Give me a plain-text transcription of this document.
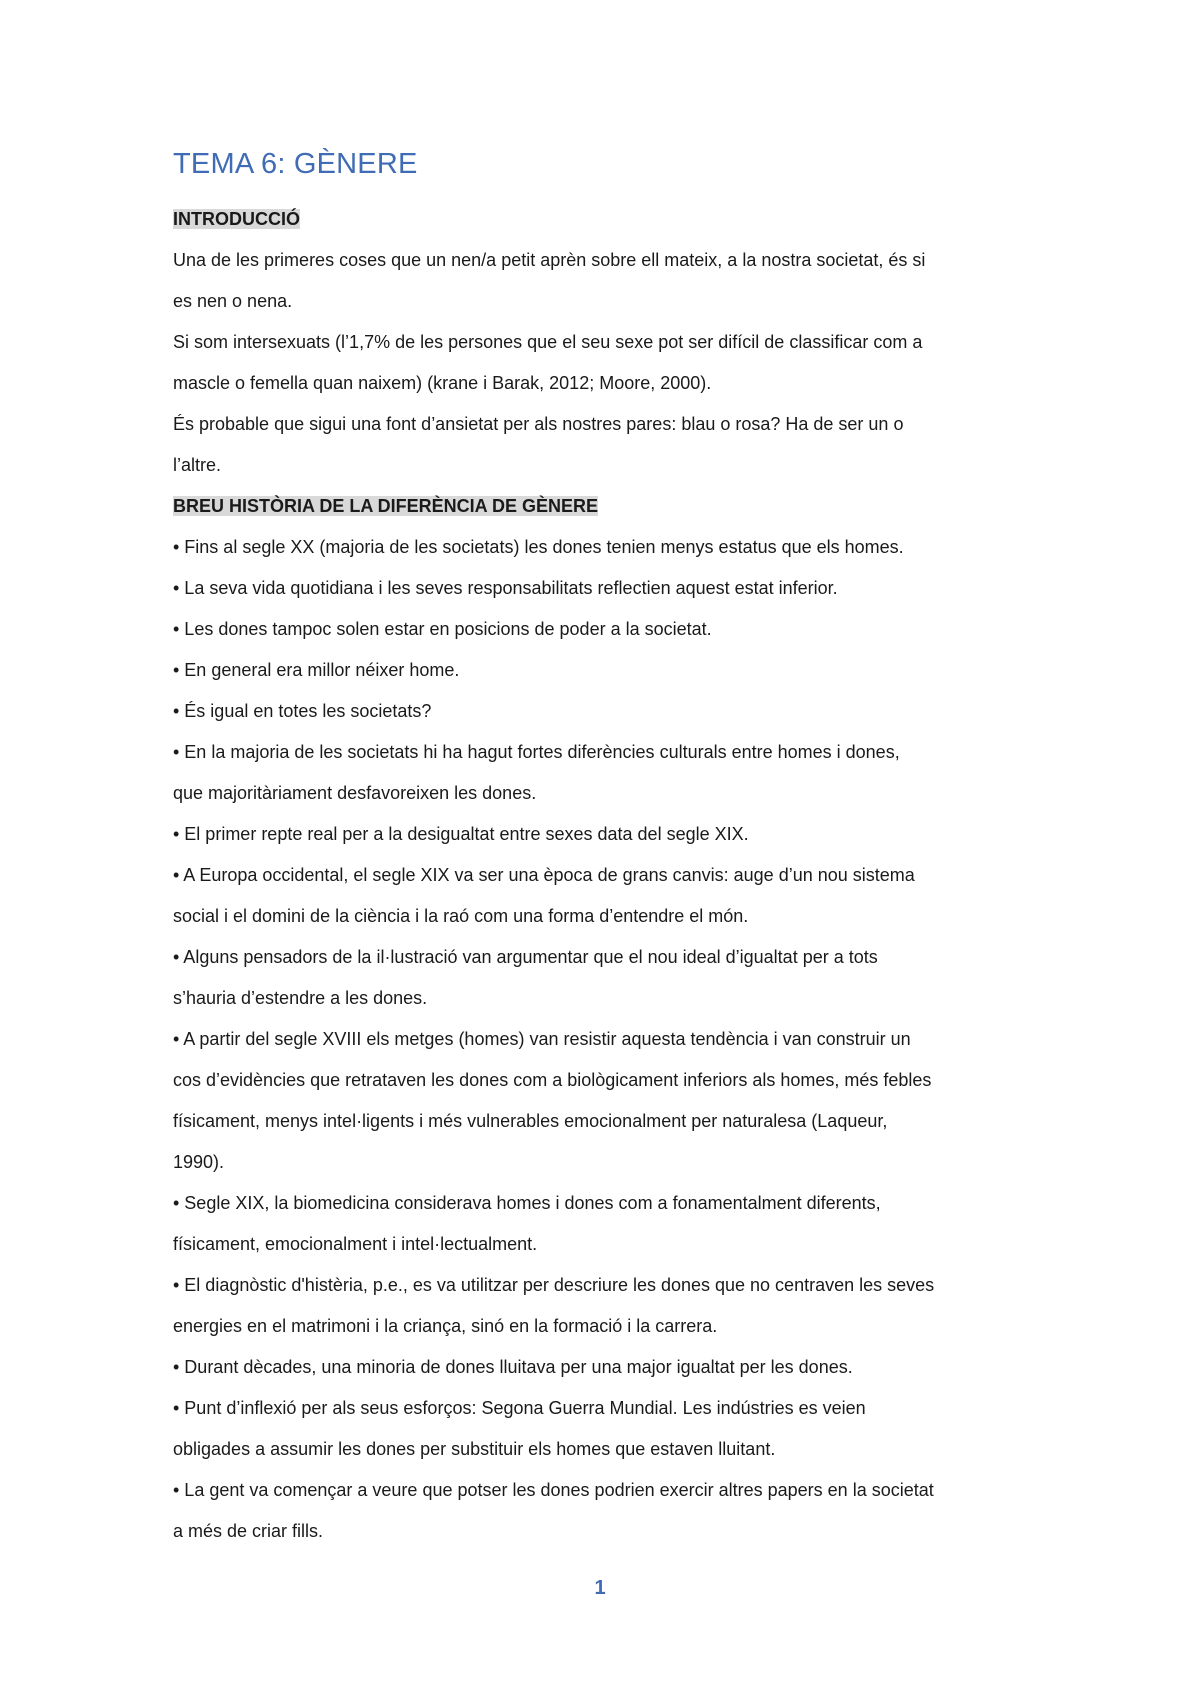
TEMA 6: GÈNERE

INTRODUCCIÓ

Una de les primeres coses que un nen/a petit aprèn sobre ell mateix, a la nostra societat, és si

es nen o nena.

Si som intersexuats (l’1,7% de les persones que el seu sexe pot ser difícil de classificar com a

mascle o femella quan naixem) (krane i Barak, 2012; Moore, 2000).

És probable que sigui una font d’ansietat per als nostres pares: blau o rosa? Ha de ser un o

l’altre.

BREU HISTÒRIA DE LA DIFERÈNCIA DE GÈNERE

• Fins al segle XX (majoria de les societats) les dones tenien menys estatus que els homes.

• La seva vida quotidiana i les seves responsabilitats reflectien aquest estat inferior.

• Les dones tampoc solen estar en posicions de poder a la societat.

• En general era millor néixer home.

• És igual en totes les societats?

• En la majoria de les societats hi ha hagut fortes diferències culturals entre homes i dones,

que majoritàriament desfavoreixen les dones.

• El primer repte real per a la desigualtat entre sexes data del segle XIX.

• A Europa occidental, el segle XIX va ser una època de grans canvis: auge d’un nou sistema

social i el domini de la ciència i la raó com una forma d’entendre el món.

• Alguns pensadors de la il·lustració van argumentar que el nou ideal d’igualtat per a tots

s’hauria d’estendre a les dones.

• A partir del segle XVIII els metges (homes) van resistir aquesta tendència i van construir un

cos d’evidències que retrataven les dones com a biològicament inferiors als homes, més febles

físicament, menys intel·ligents i més vulnerables emocionalment per naturalesa (Laqueur,

1990).

• Segle XIX, la biomedicina considerava homes i dones com a fonamentalment diferents,

físicament, emocionalment i intel·lectualment.

• El diagnòstic d'histèria, p.e., es va utilitzar per descriure les dones que no centraven les seves

energies en el matrimoni i la criança, sinó en la formació i la carrera.

• Durant dècades, una minoria de dones lluitava per una major igualtat per les dones.

• Punt d’inflexió per als seus esforços: Segona Guerra Mundial. Les indústries es veien

obligades a assumir les dones per substituir els homes que estaven lluitant.

• La gent va començar a veure que potser les dones podrien exercir altres papers en la societat

a més de criar fills.

1
